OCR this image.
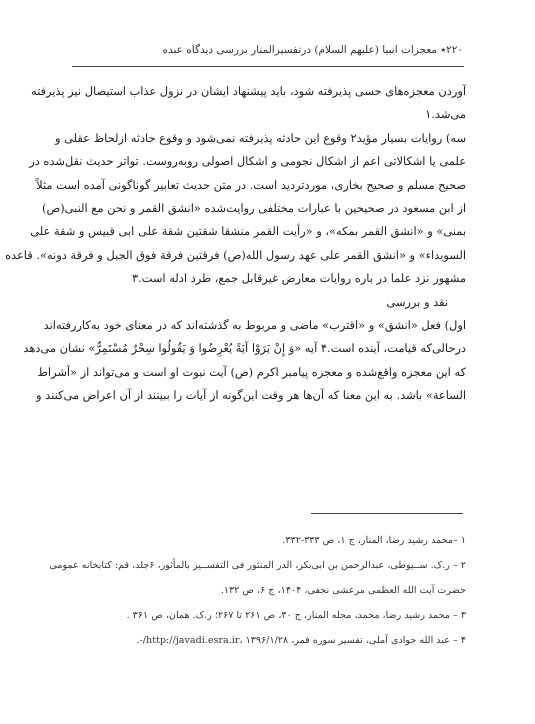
۲۲۰٭ معجزات انبیا (علیهم السلام) درتفسیرالمنار بررسی دیدگاه عبده
آوردن معجزه‌های حسی پذیرفته شود، باید پیشنهاد ایشان در نزول عذاب استیصال نیز پذیرفته
می‌شد.۱
سه) روایات بسیار مؤید۲ وقوع این حادثه پذیرفته نمی‌شود و وقوع حادثه ازلحاظ عقلی و
علمی یا اشکالاتی اعم از اشکال نجومی و اشکال اصولی روبه‌روست. تواتر حدیث نقل‌شده در
صحیح مسلم و صحیح بخاری، موردتردید است. در متن حدیث تعابیر گوناگونی آمده است مثلاً
از ابن مسعود در صحیحین با عبارات مختلفی روایت‌شده «انشق القمر و نحن مع النبی(ص)
بمنی» و «انشق القمر بمکه»، و «رأیت القمر منشقا شقتین شقة علی ابی قبیس و شقة علی
السویداء» و «انشق القمر علی عهد رسول الله(ص) فرقتین فرقة فوق الجبل و فرقة دونه». قاعده
مشهور نزد علما در باره روایات معارض غیرقابل جمع، طرد ادله است.۳
نقد و بررسی
اول) فعل «انشق» و «اقترب» ماضی و مربوط به گذشته‌اند که در معنای خود به‌کاررفته‌اند
درحالی‌که قیامت، آینده است.۴ آیه «وَ إِنْ یَرَوْا آیَةً یُعْرِضُوا وَ یَقُولُوا سِحْرٌ مُسْتَمِرٌّ» نشان می‌دهد
که این معجزه واقع‌شده و معجزه پیامبر اکرم (ص) آیت نبوت او است و می‌تواند از «أشراط
الساعة» باشد. به این معنا که آن‌ها هر وقت این‌گونه از آیات را ببینند از آن اعراض می‌کنند و
۱ –محمد رشید رضا، المنار، ج ۱، ص ۳۳۳-۳۳۲.
۲ – ر.ک. ســیوطی، عبدالرحمن بن ابی‌بکر، الدر المنثور فی التفســیر بالمأثور، ۶جلد، قم: کتابخانه عمومی
حضرت آیت الله العظمی مرعشی نجفی، ۱۴۰۴، ج ۶، ص ۱۳۲.
۳ – محمد رشید رضا، محمد، مجله المنار، ج ۳۰، ص ۲۶۱ تا ۲۶۷؛ ر.ک. همان، ص ۳۶۱ .
۴ – عبد الله جوادی آملی، تفسیر سوره قمر، ۱۳۹۶/۱/۲۸ ،http://javadi.esra.ir/-.
